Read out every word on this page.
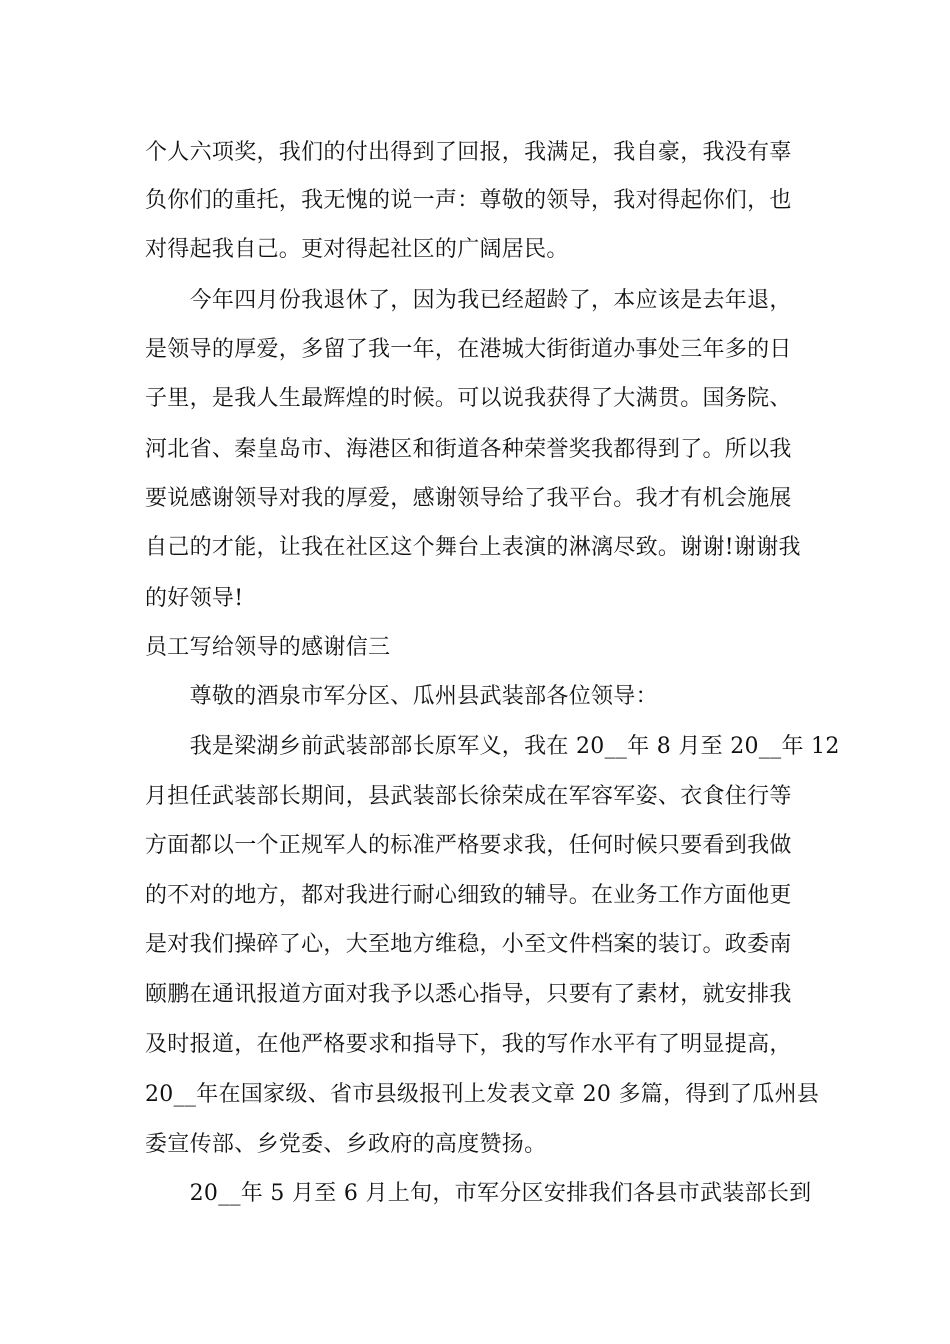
个人六项奖，我们的付出得到了回报，我满足，我自豪，我没有辜
负你们的重托，我无愧的说一声：尊敬的领导，我对得起你们，也
对得起我自己。更对得起社区的广阔居民。
　　今年四月份我退休了，因为我已经超龄了，本应该是去年退，
是领导的厚爱，多留了我一年，在港城大街街道办事处三年多的日
子里，是我人生最辉煌的时候。可以说我获得了大满贯。国务院、
河北省、秦皇岛市、海港区和街道各种荣誉奖我都得到了。所以我
要说感谢领导对我的厚爱，感谢领导给了我平台。我才有机会施展
自己的才能，让我在社区这个舞台上表演的淋漓尽致。谢谢!谢谢我
的好领导!
员工写给领导的感谢信三
　　尊敬的酒泉市军分区、瓜州县武装部各位领导：
　　我是梁湖乡前武装部部长原军义，我在 20__年 8 月至 20__年 12
月担任武装部长期间，县武装部长徐荣成在军容军姿、衣食住行等
方面都以一个正规军人的标准严格要求我，任何时候只要看到我做
的不对的地方，都对我进行耐心细致的辅导。在业务工作方面他更
是对我们操碎了心，大至地方维稳，小至文件档案的装订。政委南
颐鹏在通讯报道方面对我予以悉心指导，只要有了素材，就安排我
及时报道，在他严格要求和指导下，我的写作水平有了明显提高，
20__年在国家级、省市县级报刊上发表文章 20 多篇，得到了瓜州县
委宣传部、乡党委、乡政府的高度赞扬。
　　20__年 5 月至 6 月上旬，市军分区安排我们各县市武装部长到
